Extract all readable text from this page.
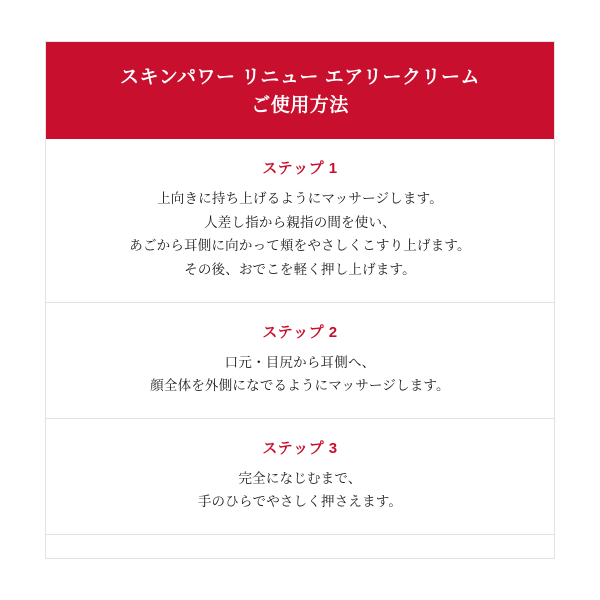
スキンパワー リニュー エアリークリーム
ご使用方法
ステップ 1
上向きに持ち上げるようにマッサージします。
人差し指から親指の間を使い、
あごから耳側に向かって頬をやさしくこすり上げます。
その後、おでこを軽く押し上げます。
ステップ 2
口元・目尻から耳側へ、
顔全体を外側になでるようにマッサージします。
ステップ 3
完全になじむまで、
手のひらでやさしく押さえます。
